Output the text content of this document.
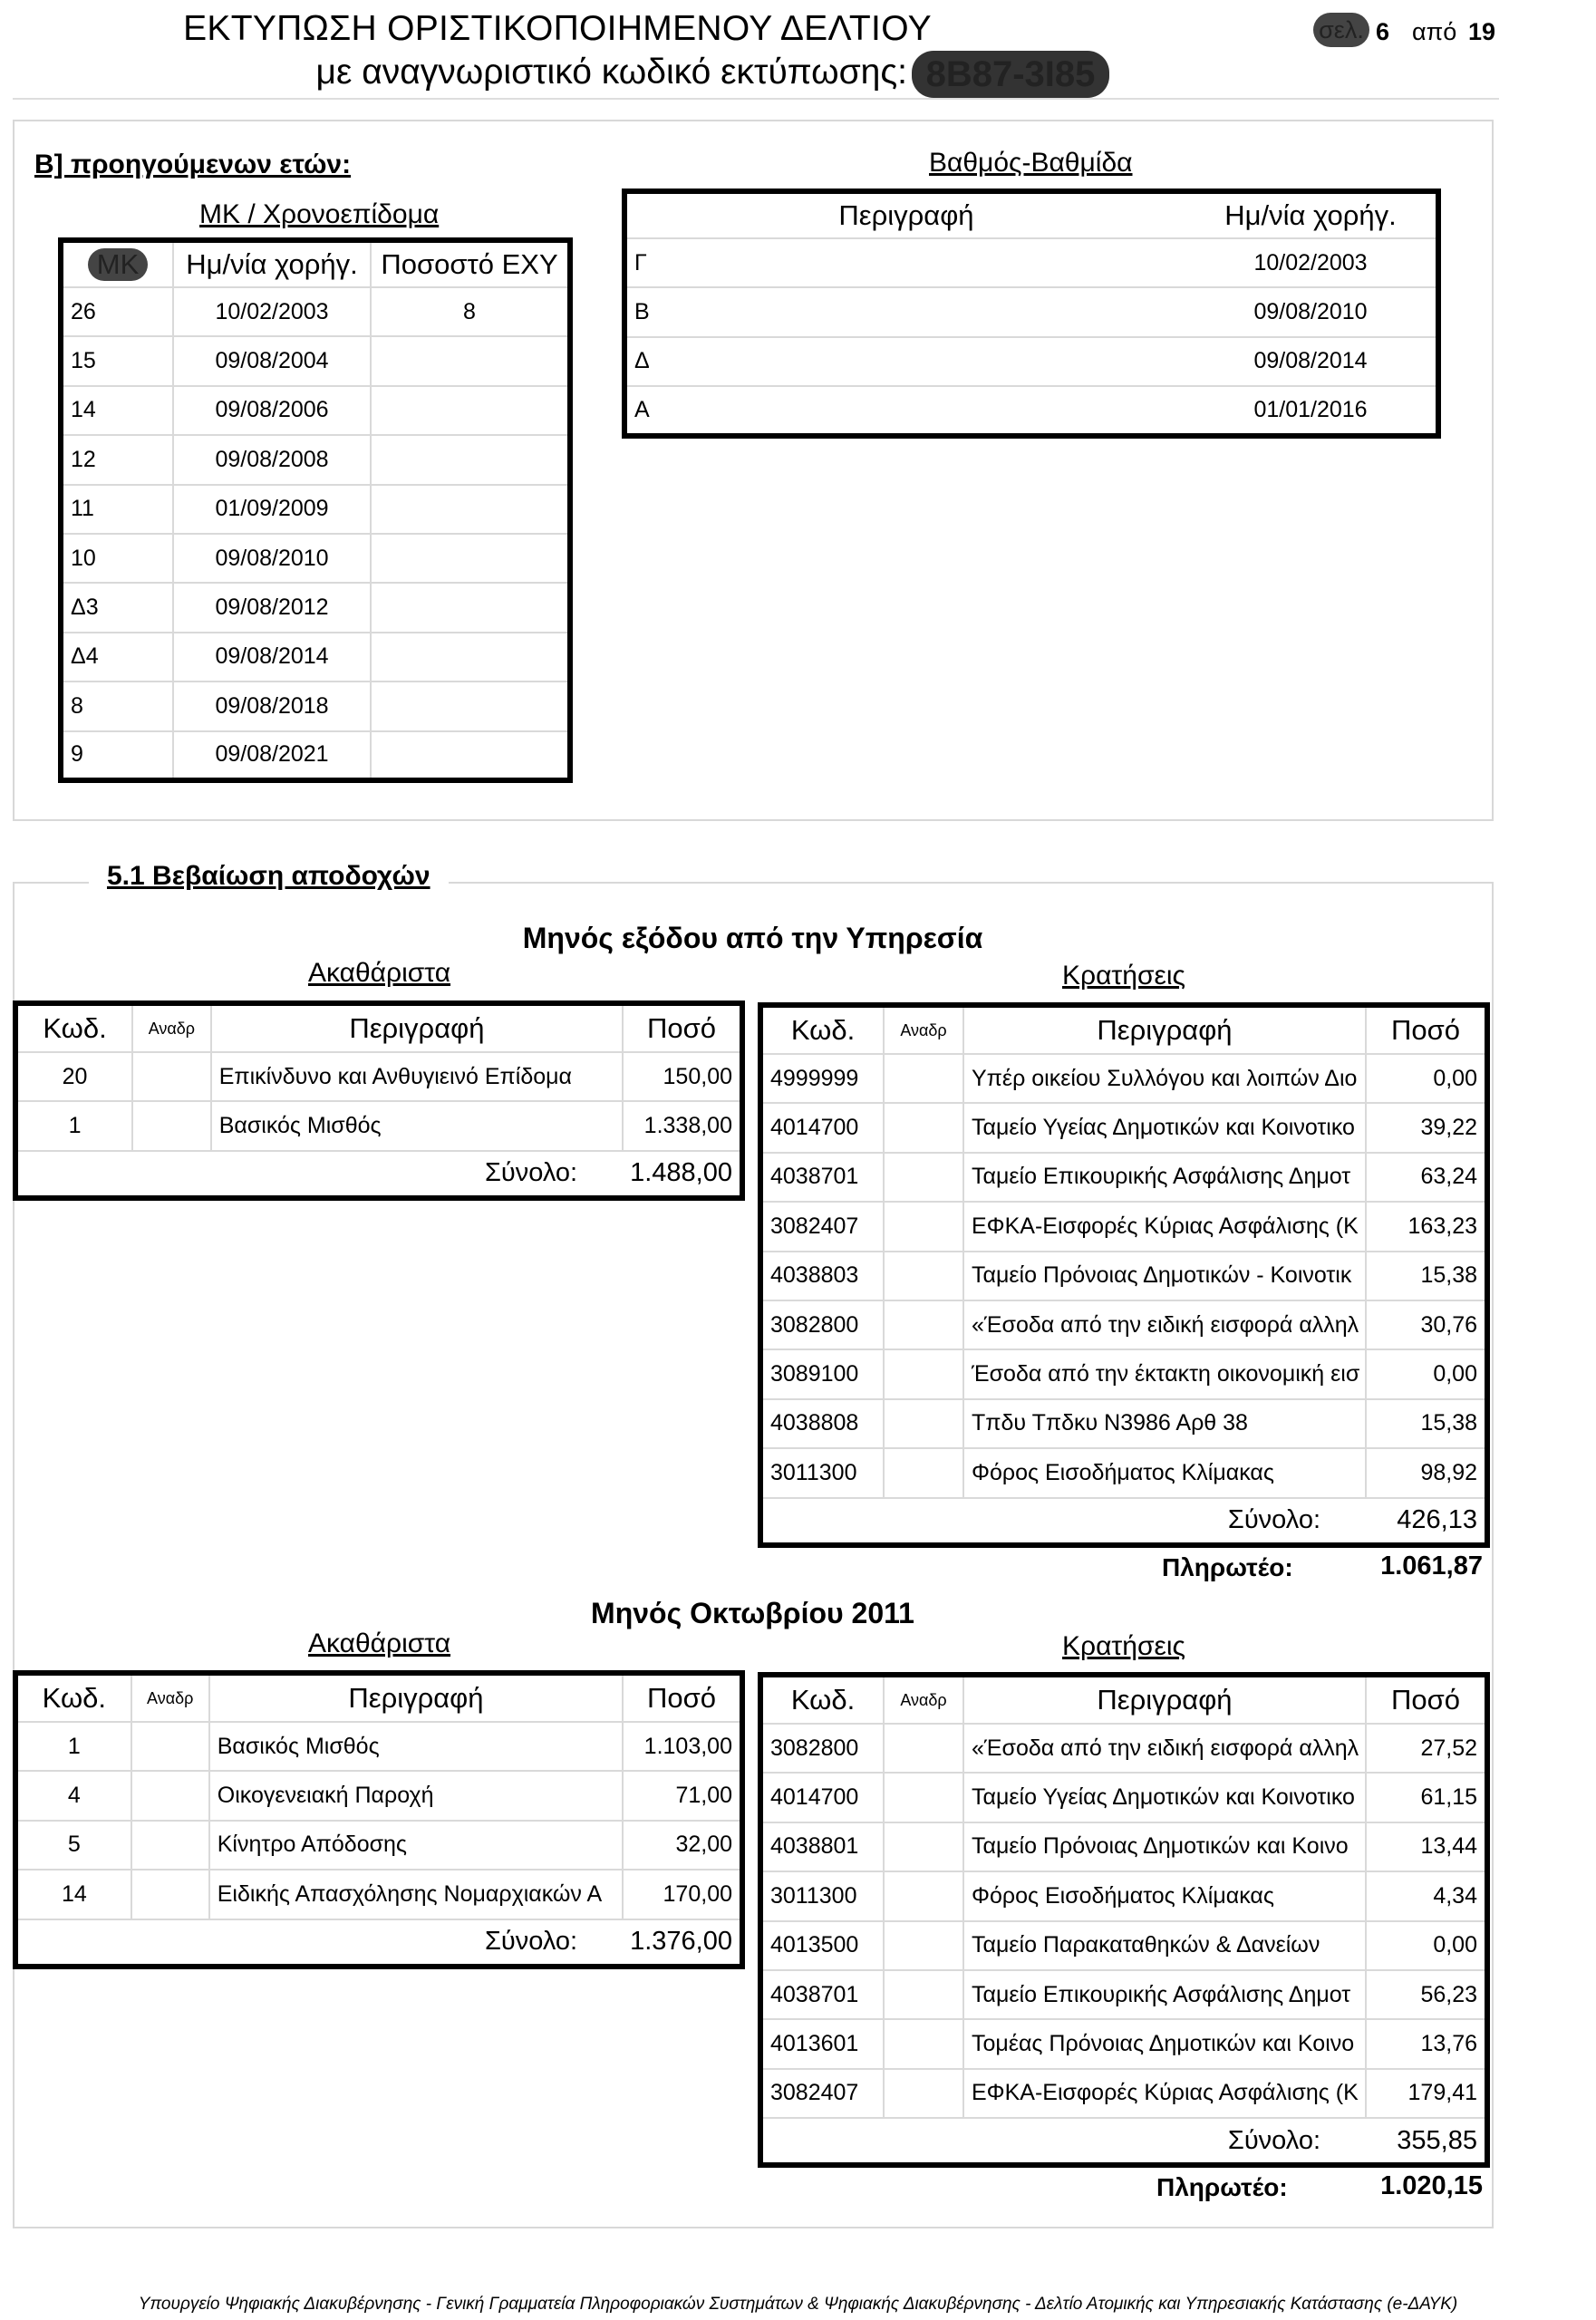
ΕΚΤΥΠΩΣΗ ΟΡΙΣΤΙΚΟΠΟΙΗΜΕΝΟΥ ΔΕΛΤΙΟΥ
με αναγνωριστικό κωδικό εκτύπωσης: 8B87-3I85
σελ. 6 από 19
Β] προηγούμενων ετών:
ΜΚ / Χρονοεπίδομα
Βαθμός-Βαθμίδα
ΜΚ	Ημ/νία χορήγ.	Ποσοστό ΕΧΥ
26	10/02/2003	8
15	09/08/2004	
14	09/08/2006	
12	09/08/2008	
11	01/09/2009	
10	09/08/2010	
Δ3	09/08/2012	
Δ4	09/08/2014	
8	09/08/2018	
9	09/08/2021	
Περιγραφή	Ημ/νία χορήγ.
Γ	10/02/2003
Β	09/08/2010
Δ	09/08/2014
Α	01/01/2016
5.1 Βεβαίωση αποδοχών
Μηνός εξόδου από την Υπηρεσία
Ακαθάριστα	Κρατήσεις
Κωδ.	Αναδρ	Περιγραφή	Ποσό
20		Επικίνδυνο και Ανθυγιεινό Επίδομα	150,00
1		Βασικός Μισθός	1.338,00
Σύνολο:			1.488,00
Κωδ.	Αναδρ	Περιγραφή	Ποσό
4999999		Υπέρ οικείου Συλλόγου και λοιπών Διο	0,00
4014700		Ταμείο Υγείας Δημοτικών και Κοινοτικο	39,22
4038701		Ταμείο Επικουρικής Ασφάλισης Δημοτ	63,24
3082407		ΕΦΚΑ-Εισφορές Κύριας Ασφάλισης (Κ	163,23
4038803		Ταμείο Πρόνοιας Δημοτικών - Κοινοτικ	15,38
3082800		«Έσοδα από την ειδική εισφορά αλληλ	30,76
3089100		Έσοδα από την έκτακτη οικονομική εισ	0,00
4038808		Τπδυ Τπδκυ Ν3986 Αρθ 38	15,38
3011300		Φόρος Εισοδήματος Κλίμακας	98,92
Σύνολο:			426,13
Πληρωτέο:	1.061,87
Μηνός Οκτωβρίου 2011
Ακαθάριστα	Κρατήσεις
Κωδ.	Αναδρ	Περιγραφή	Ποσό
1		Βασικός Μισθός	1.103,00
4		Οικογενειακή Παροχή	71,00
5		Κίνητρο Απόδοσης	32,00
14		Ειδικής Απασχόλησης Νομαρχιακών Α	170,00
Σύνολο:			1.376,00
Κωδ.	Αναδρ	Περιγραφή	Ποσό
3082800		«Έσοδα από την ειδική εισφορά αλληλ	27,52
4014700		Ταμείο Υγείας Δημοτικών και Κοινοτικο	61,15
4038801		Ταμείο Πρόνοιας Δημοτικών και Κοινο	13,44
3011300		Φόρος Εισοδήματος Κλίμακας	4,34
4013500		Ταμείο Παρακαταθηκών & Δανείων	0,00
4038701		Ταμείο Επικουρικής Ασφάλισης Δημοτ	56,23
4013601		Τομέας Πρόνοιας Δημοτικών και Κοινο	13,76
3082407		ΕΦΚΑ-Εισφορές Κύριας Ασφάλισης (Κ	179,41
Σύνολο:			355,85
Πληρωτέο:	1.020,15
Υπουργείο Ψηφιακής Διακυβέρνησης - Γενική Γραμματεία Πληροφοριακών Συστημάτων & Ψηφιακής Διακυβέρνησης - Δελτίο Ατομικής και Υπηρεσιακής Κατάστασης (e-ΔΑΥΚ)
